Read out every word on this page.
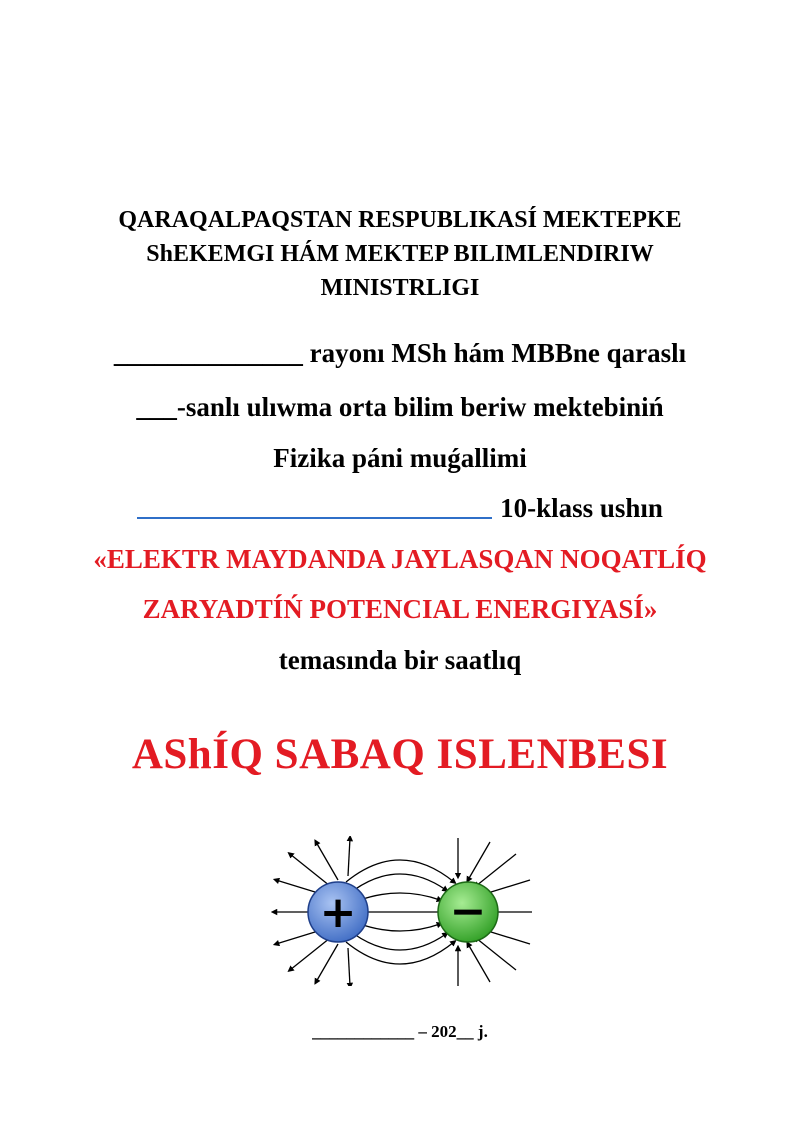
QARAQALPAQSTAN RESPUBLIKASÍ MEKTEPKE
ShEKEMGI HÁM MEKTEP BILIMLENDIRIW
MINISTRLIGI
______________ rayonı MSh hám MBBne qaraslı
___-sanlı ulıwma orta bilim beriw mektebiniń
Fizika páni muǵallimi
10-klass ushın
«ELEKTR MAYDANDA JAYLASQAN NOQATLÍQ
ZARYADTÍŃ POTENCIAL ENERGIYASÍ»
temasında bir saatlıq
AShÍQ SABAQ ISLENBESI
+ −
____________ – 202__ j.
